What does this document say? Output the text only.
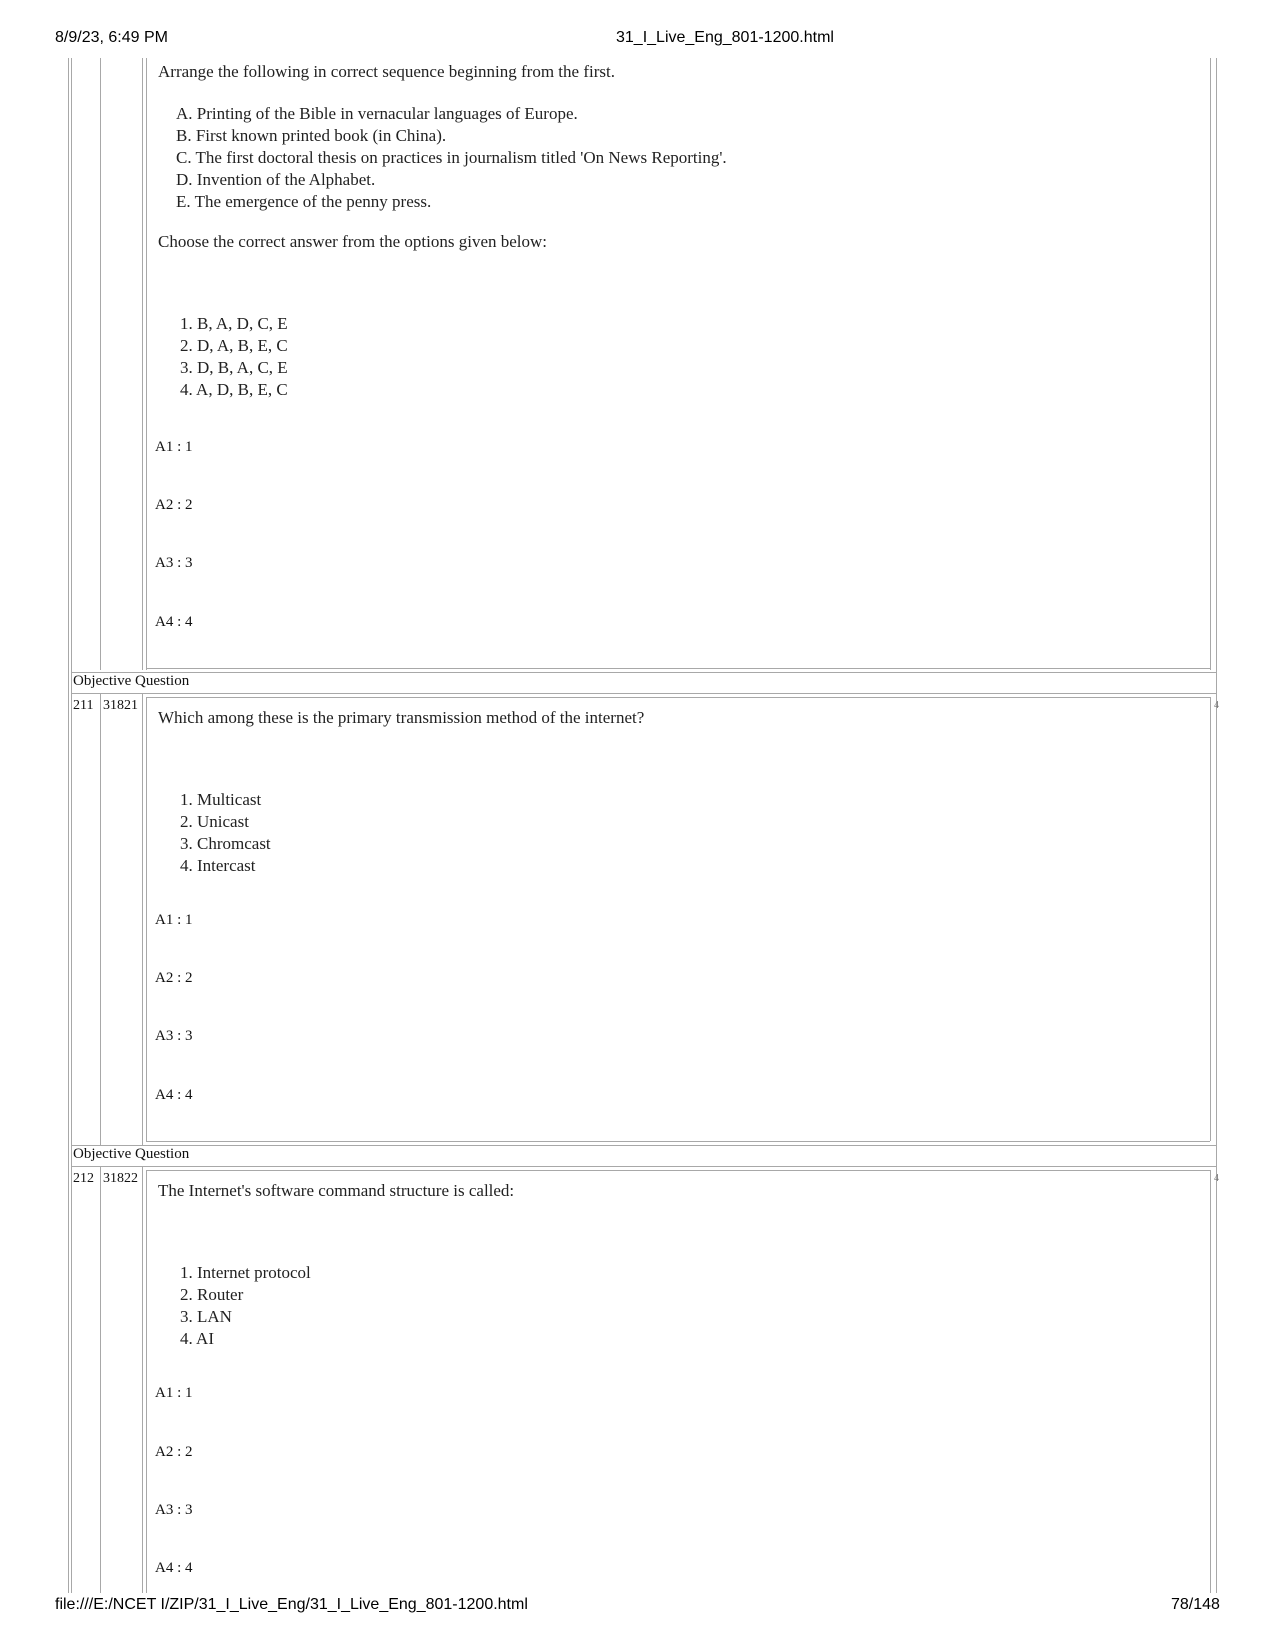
8/9/23, 6:49 PM	31_I_Live_Eng_801-1200.html
Arrange the following in correct sequence beginning from the first.
A. Printing of the Bible in vernacular languages of Europe.
B. First known printed book (in China).
C. The first doctoral thesis on practices in journalism titled 'On News Reporting'.
D. Invention of the Alphabet.
E. The emergence of the penny press.
Choose the correct answer from the options given below:
1. B, A, D, C, E
2. D, A, B, E, C
3. D, B, A, C, E
4. A, D, B, E, C
A1 : 1
A2 : 2
A3 : 3
A4 : 4
Objective Question
211 31821	4
Which among these is the primary transmission method of the internet?
1. Multicast
2. Unicast
3. Chromcast
4. Intercast
A1 : 1
A2 : 2
A3 : 3
A4 : 4
Objective Question
212 31822	4
The Internet's software command structure is called:
1. Internet protocol
2. Router
3. LAN
4. AI
A1 : 1
A2 : 2
A3 : 3
A4 : 4
file:///E:/NCET I/ZIP/31_I_Live_Eng/31_I_Live_Eng_801-1200.html	78/148
